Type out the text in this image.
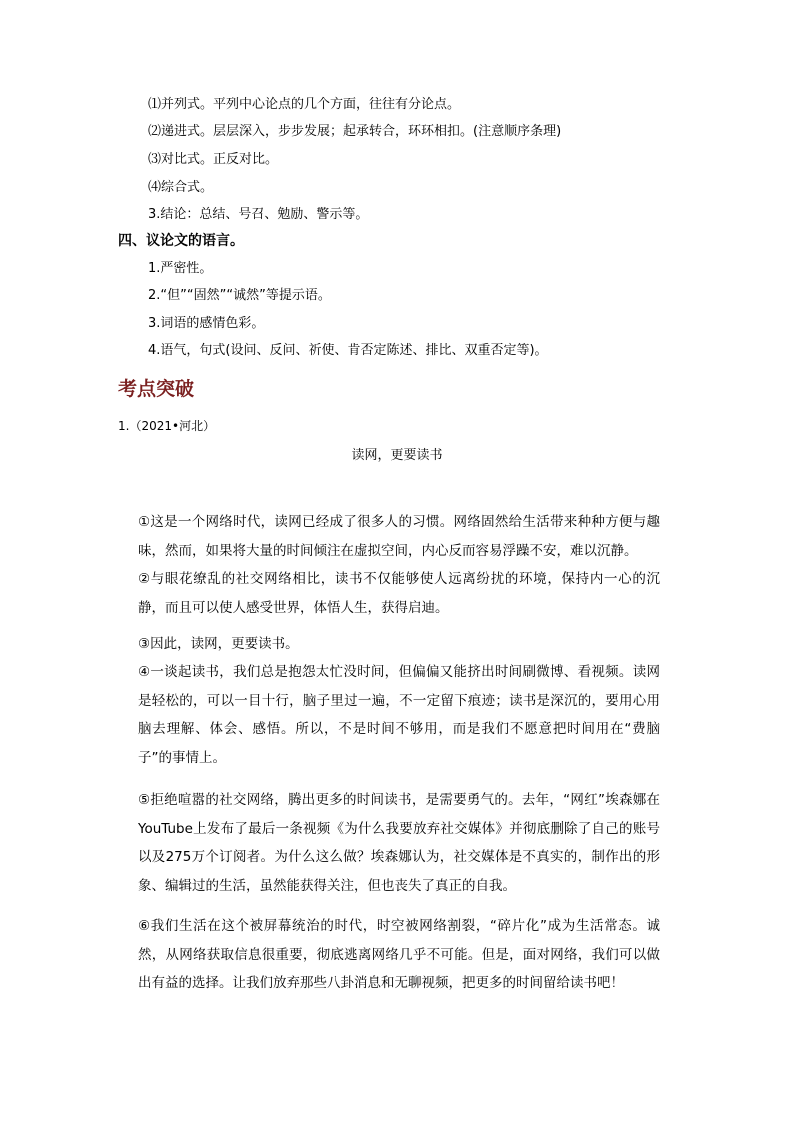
⑴并列式。平列中心论点的几个方面，往往有分论点。
⑵递进式。层层深入，步步发展；起承转合，环环相扣。(注意顺序条理)
⑶对比式。正反对比。
⑷综合式。
3.结论：总结、号召、勉励、警示等。
四、议论文的语言。
1.严密性。
2.“但”“固然”“诚然”等提示语。
3.词语的感情色彩。
4.语气，句式(设问、反问、祈使、肯否定陈述、排比、双重否定等)。
考点突破
1.（2021•河北）
读网，更要读书
①这是一个网络时代，读网已经成了很多人的习惯。网络固然给生活带来种种方便与趣味，然而，如果将大量的时间倾注在虚拟空间，内心反而容易浮躁不安，难以沉静。
②与眼花缭乱的社交网络相比，读书不仅能够使人远离纷扰的环境，保持内一心的沉静，而且可以使人感受世界，体悟人生，获得启迪。
③因此，读网，更要读书。
④一谈起读书，我们总是抱怨太忙没时间，但偏偏又能挤出时间刷微博、看视频。读网是轻松的，可以一目十行，脑子里过一遍，不一定留下痕迹；读书是深沉的，要用心用脑去理解、体会、感悟。所以，不是时间不够用，而是我们不愿意把时间用在“费脑子”的事情上。
⑤拒绝喧嚣的社交网络，腾出更多的时间读书，是需要勇气的。去年，“网红”埃森娜在YouTube上发布了最后一条视频《为什么我要放弃社交媒体》并彻底删除了自己的账号以及275万个订阅者。为什么这么做？埃森娜认为，社交媒体是不真实的，制作出的形象、编辑过的生活，虽然能获得关注，但也丧失了真正的自我。
⑥我们生活在这个被屏幕统治的时代，时空被网络割裂，“碎片化”成为生活常态。诚然，从网络获取信息很重要，彻底逃离网络几乎不可能。但是，面对网络，我们可以做出有益的选择。让我们放弃那些八卦消息和无聊视频，把更多的时间留给读书吧！
